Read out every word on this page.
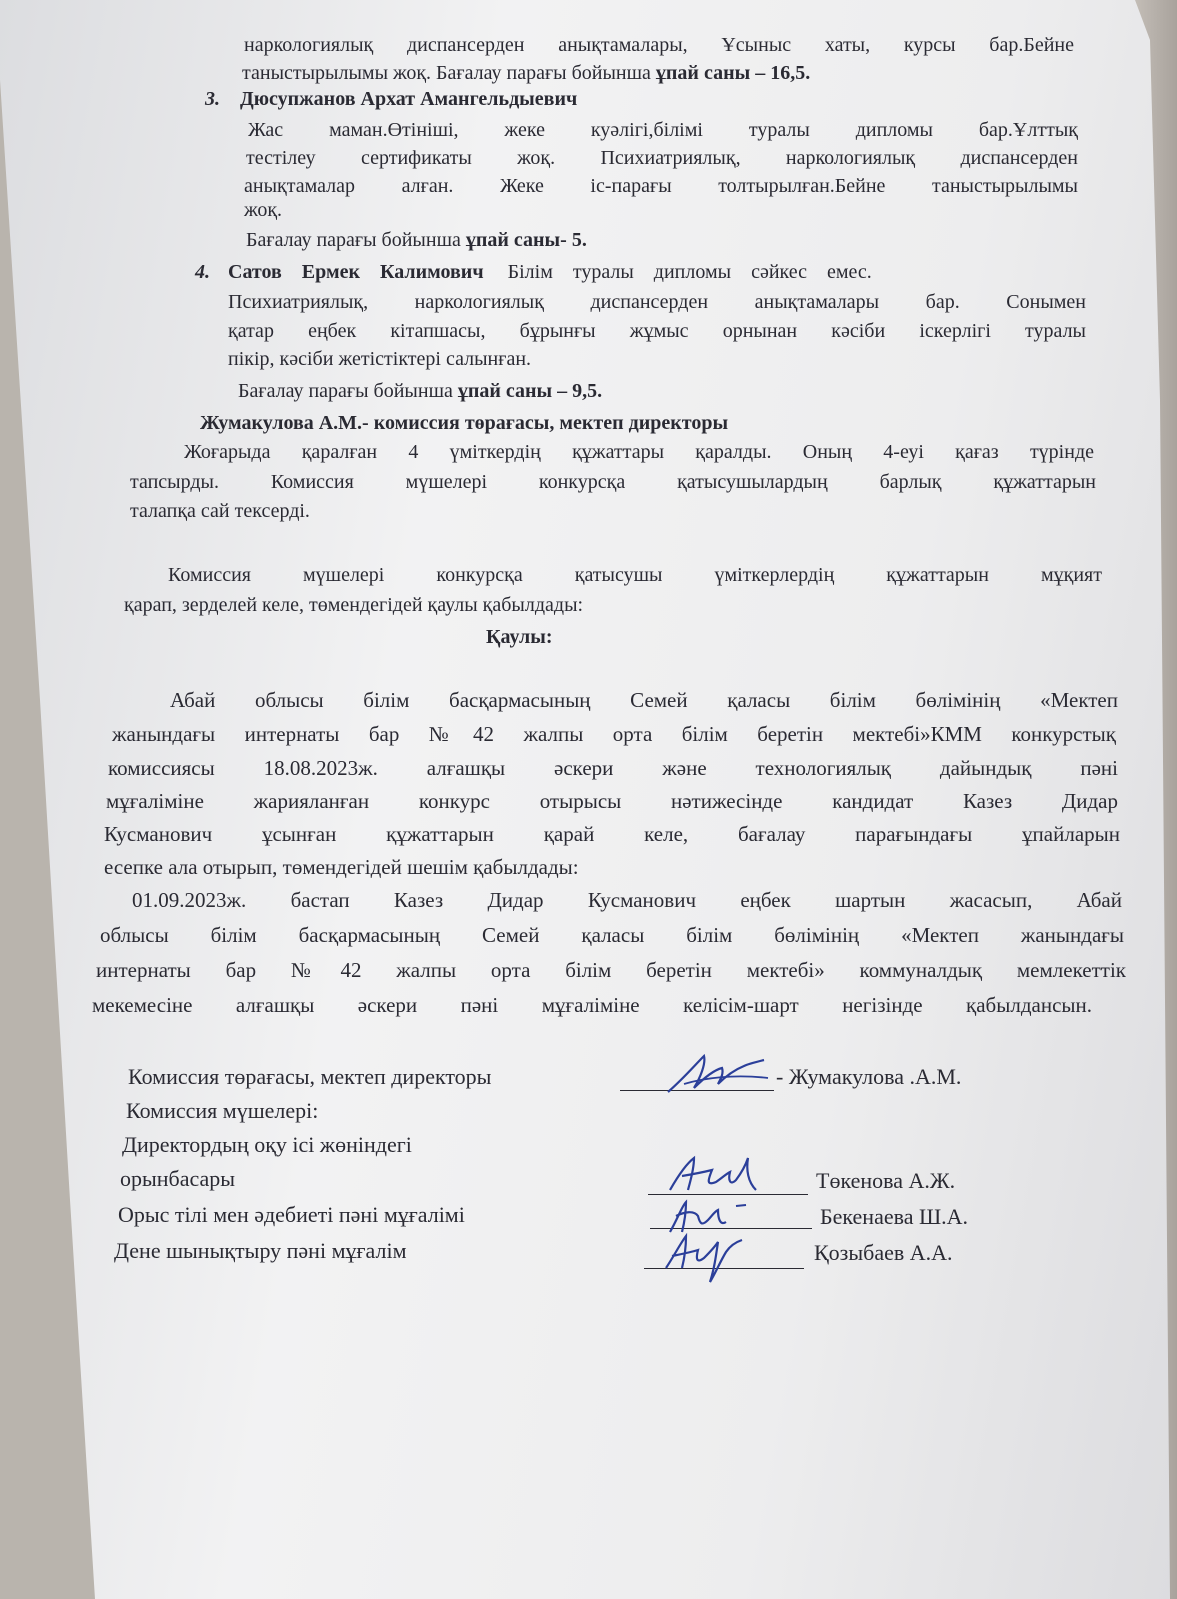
наркологиялық диспансерден анықтамалары, Ұсыныс хаты, курсы бар.Бейне
таныстырылымы жоқ. Бағалау парағы бойынша ұпай саны – 16,5.
3. Дюсупжанов Архат Амангельдыевич
Жас маман.Өтініші, жеке куәлігі,білімі туралы дипломы бар.Ұлттық
тестілеу сертификаты жоқ. Психиатриялық, наркологиялық диспансерден
анықтамалар алған. Жеке іс-парағы толтырылған.Бейне таныстырылымы
жоқ.
Бағалау парағы бойынша ұпай саны- 5.
4. Сатов    Ермек    Калимович Білім    туралы    дипломы    сәйкес    емес.
Психиатриялық, наркологиялық диспансерден анықтамалары бар. Сонымен
қатар еңбек кітапшасы, бұрынғы жұмыс орнынан кәсіби іскерлігі туралы
пікір, кәсіби жетістіктері салынған.
Бағалау парағы бойынша ұпай саны – 9,5.
Жумакулова А.М.- комиссия төрағасы, мектеп директоры
Жоғарыда қаралған 4 үміткердің құжаттары қаралды. Оның 4-еуі қағаз түрінде
тапсырды. Комиссия мүшелері конкурсқа қатысушылардың барлық құжаттарын
талапқа сай тексерді.
Комиссия мүшелері конкурсқа қатысушы үміткерлердің құжаттарын мұқият
қарап, зерделей келе, төмендегідей қаулы қабылдады:
Қаулы:
Абай облысы білім басқармасының Семей қаласы білім бөлімінің «Мектеп
жанындағы интернаты бар №42 жалпы орта білім беретін мектебі»КММ конкурстық
комиссиясы 18.08.2023ж. алғашқы әскери және технологиялық дайындық пәні
мұғаліміне жарияланған конкурс отырысы нәтижесінде кандидат Казез Дидар
Кусманович ұсынған құжаттарын қарай келе, бағалау парағындағы ұпайларын
есепке ала отырып, төмендегідей шешім қабылдады:
01.09.2023ж. бастап Казез Дидар Кусманович еңбек шартын жасасып, Абай
облысы білім басқармасының Семей қаласы білім бөлімінің «Мектеп жанындағы
интернаты бар №42 жалпы орта білім беретін мектебі» коммуналдық мемлекеттік
мекемесіне алғашқы әскери пәні мұғаліміне келісім-шарт негізінде қабылдансын.
Комиссия төрағасы, мектеп директоры	- Жумакулова .А.М.
Комиссия мүшелері:
Директордың оқу ісі жөніндегі
орынбасары	Төкенова А.Ж.
Орыс тілі мен әдебиеті пәні мұғалімі	Бекенаева Ш.А.
Дене шынықтыру пәні мұғалім	Қозыбаев А.А.
